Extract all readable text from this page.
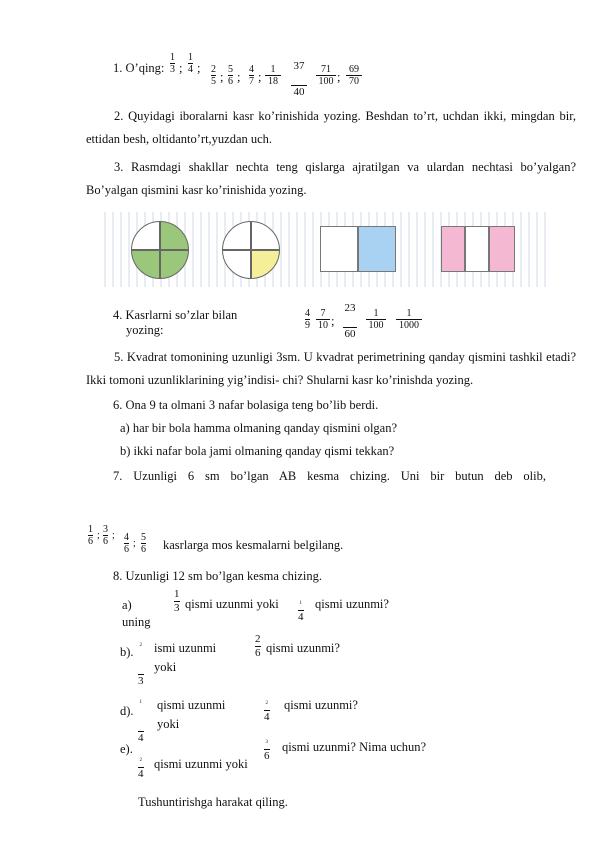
1. O’qing: $\frac{1}{3}$ ; $\frac{1}{4}$ ; $\frac{2}{5}$ ; $\frac{5}{6}$ ; $\frac{4}{7}$ ; $\frac{1}{18} \frac{37}{40} \frac{71}{100}$ ; $\frac{69}{70}$

2. Quyidagi iboralarni kasr ko’rinishida yozing. Beshdan to’rt, uchdan ikki, mingdan bir, ettidan besh, oltidanto’rt,yuzdan uch.

3. Rasmdagi shakllar nechta teng qislarga ajratilgan va ulardan nechtasi bo’yalgan? Bo’yalgan qismini kasr ko’rinishida yozing.

4. Kasrlarni so’zlar bilan
yozing:	$\frac{4}{9} \frac{7}{10}$ ; $\frac{23}{60} \frac{1}{100} \frac{1}{1000}$

5. Kvadrat tomonining uzunligi 3sm. U kvadrat perimetrining qanday qismini tashkil etadi? Ikki tomoni uzunliklarining yig’indisi- chi? Shularni kasr ko’rinishda yozing.

6. Ona 9 ta olmani 3 nafar bolasiga teng bo’lib berdi.
a) har bir bola hamma olmaning qanday qismini olgan?
b) ikki nafar bola jami olmaning qanday qismi tekkan?
7. Uzunligi 6 sm bo’lgan AB kesma chizing. Uni bir butun deb olib,
$\frac{1}{6}$ ; $\frac{3}{6}$ ; $\frac{4}{6}$ ; $\frac{5}{6}$ kasrlarga mos kesmalarni belgilang.
8. Uzunligi 12 sm bo’lgan kesma chizing.
a)
uning
$\frac{1}{3}$ qismi uzunmi yoki	1
4
qismi uzunmi?
b).	2
3
ismi uzunmi
yoki
$\frac{2}{6}$ qismi uzunmi?
d).
1
4
qismi uzunmi
yoki
2
4
qismi uzunmi?
e).
2
4
qismi uzunmi yoki
3
6
qismi uzunmi? Nima uchun?
Tushuntirishga harakat qiling.
